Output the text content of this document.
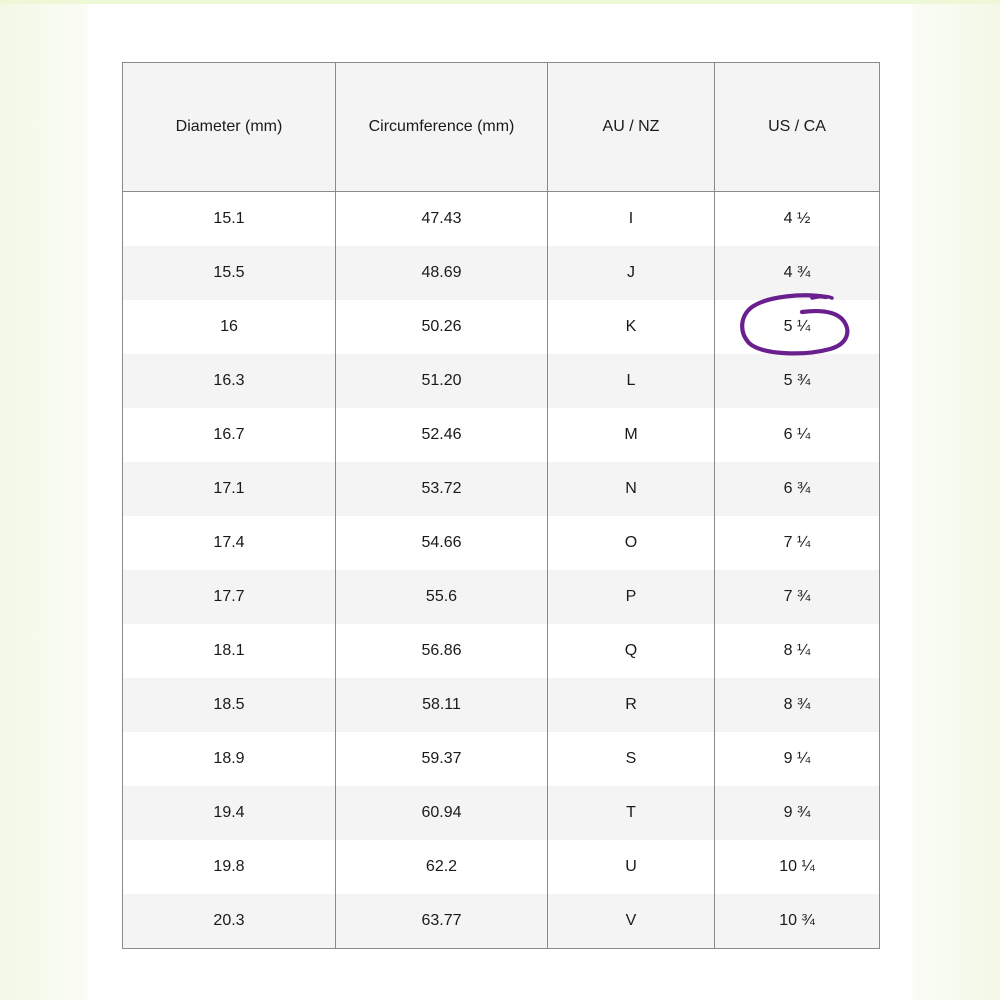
Diameter (mm)	Circumference (mm)	AU / NZ	US / CA
15.1	47.43	I	4 ½
15.5	48.69	J	4 ¾
16	50.26	K	5 ¼
16.3	51.20	L	5 ¾
16.7	52.46	M	6 ¼
17.1	53.72	N	6 ¾
17.4	54.66	O	7 ¼
17.7	55.6	P	7 ¾
18.1	56.86	Q	8 ¼
18.5	58.11	R	8 ¾
18.9	59.37	S	9 ¼
19.4	60.94	T	9 ¾
19.8	62.2	U	10 ¼
20.3	63.77	V	10 ¾
